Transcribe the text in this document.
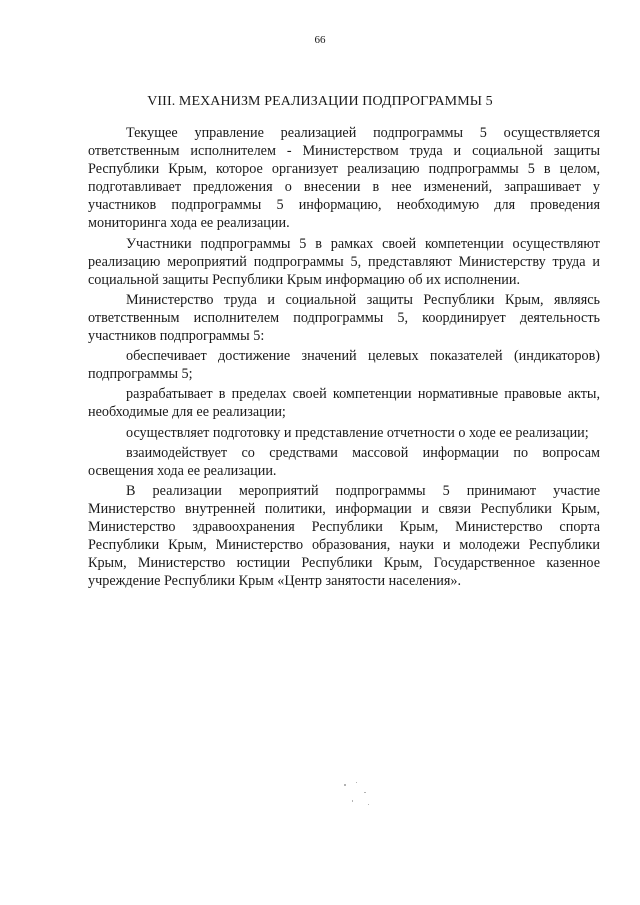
66
VIII. МЕХАНИЗМ РЕАЛИЗАЦИИ ПОДПРОГРАММЫ 5

Текущее управление реализацией подпрограммы 5 осуществляется ответственным исполнителем - Министерством труда и социальной защиты Республики Крым, которое организует реализацию подпрограммы 5 в целом, подготавливает предложения о внесении в нее изменений, запрашивает у участников подпрограммы 5 информацию, необходимую для проведения мониторинга хода ее реализации.

Участники подпрограммы 5 в рамках своей компетенции осуществляют реализацию мероприятий подпрограммы 5, представляют Министерству труда и социальной защиты Республики Крым информацию об их исполнении.

Министерство труда и социальной защиты Республики Крым, являясь ответственным исполнителем подпрограммы 5, координирует деятельность участников подпрограммы 5:

обеспечивает достижение значений целевых показателей (индикаторов) подпрограммы 5;

разрабатывает в пределах своей компетенции нормативные правовые акты, необходимые для ее реализации;

осуществляет подготовку и представление отчетности о ходе ее реализации;

взаимодействует со средствами массовой информации по вопросам освещения хода ее реализации.

В реализации мероприятий подпрограммы 5 принимают участие Министерство внутренней политики, информации и связи Республики Крым, Министерство здравоохранения Республики Крым, Министерство спорта Республики Крым, Министерство образования, науки и молодежи Республики Крым, Министерство юстиции Республики Крым, Государственное казенное учреждение Республики Крым «Центр занятости населения».
